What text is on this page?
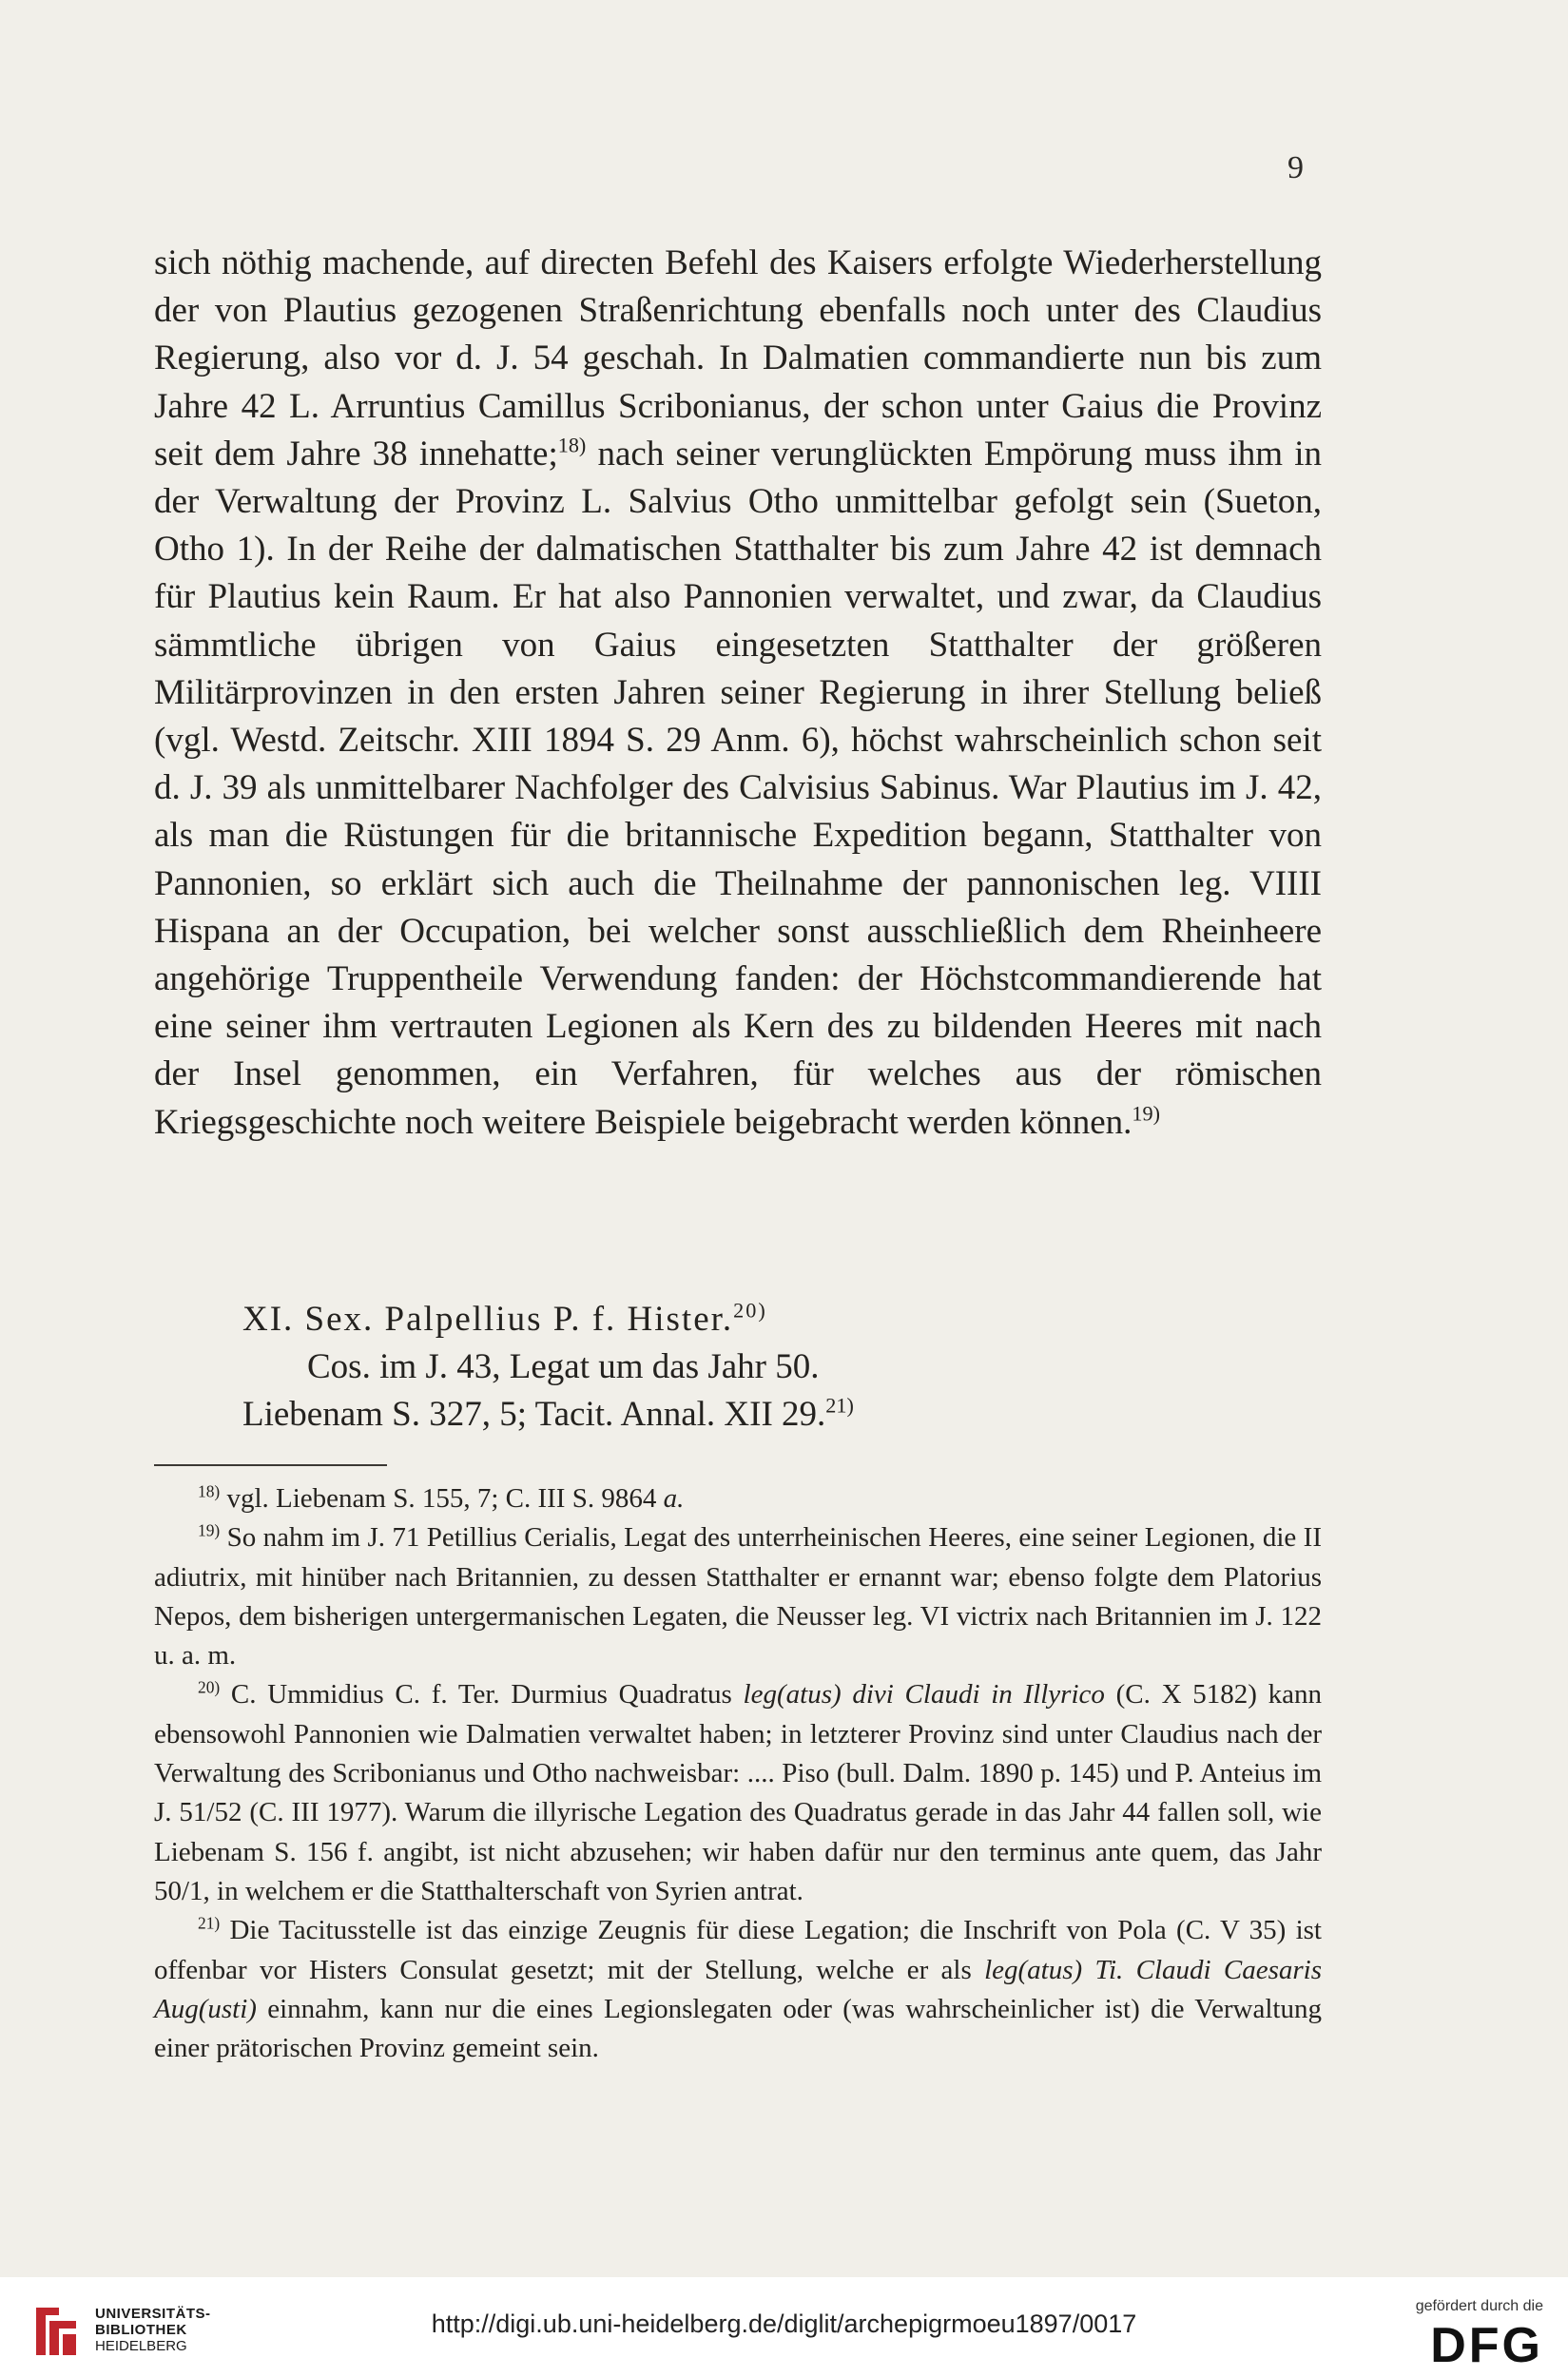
9

sich nöthig machende, auf directen Befehl des Kaisers erfolgte Wiederherstellung der von Plautius gezogenen Straßenrichtung ebenfalls noch unter des Claudius Regierung, also vor d. J. 54 geschah. In Dalmatien commandierte nun bis zum Jahre 42 L. Arruntius Camillus Scribonianus, der schon unter Gaius die Provinz seit dem Jahre 38 innehatte;$^{18)}$ nach seiner verunglückten Empörung muss ihm in der Verwaltung der Provinz L. Salvius Otho unmittelbar gefolgt sein (Sueton, Otho 1). In der Reihe der dalmatischen Statthalter bis zum Jahre 42 ist demnach für Plautius kein Raum. Er hat also Pannonien verwaltet, und zwar, da Claudius sämmtliche übrigen von Gaius eingesetzten Statthalter der größeren Militärprovinzen in den ersten Jahren seiner Regierung in ihrer Stellung beließ (vgl. Westd. Zeitschr. XIII 1894 S. 29 Anm. 6), höchst wahrscheinlich schon seit d. J. 39 als unmittelbarer Nachfolger des Calvisius Sabinus. War Plautius im J. 42, als man die Rüstungen für die britannische Expedition begann, Statthalter von Pannonien, so erklärt sich auch die Theilnahme der pannonischen leg. VIIII Hispana an der Occupation, bei welcher sonst ausschließlich dem Rheinheere angehörige Truppentheile Verwendung fanden: der Höchstcommandierende hat eine seiner ihm vertrauten Legionen als Kern des zu bildenden Heeres mit nach der Insel genommen, ein Verfahren, für welches aus der römischen Kriegsgeschichte noch weitere Beispiele beigebracht werden können.$^{19)}$

XI. Sex. Palpellius P. f. Hister.$^{20)}$
Cos. im J. 43, Legat um das Jahr 50.
Liebenam S. 327, 5; Tacit. Annal. XII 29.$^{21)}$

$^{18)}$ vgl. Liebenam S. 155, 7; C. III S. 9864 a.

$^{19)}$ So nahm im J. 71 Petillius Cerialis, Legat des unterrheinischen Heeres, eine seiner Legionen, die II adiutrix, mit hinüber nach Britannien, zu dessen Statthalter er ernannt war; ebenso folgte dem Platorius Nepos, dem bisherigen untergermanischen Legaten, die Neusser leg. VI victrix nach Britannien im J. 122 u. a. m.

$^{20)}$ C. Ummidius C. f. Ter. Durmius Quadratus leg(atus) divi Claudi in Illyrico (C. X 5182) kann ebensowohl Pannonien wie Dalmatien verwaltet haben; in letzterer Provinz sind unter Claudius nach der Verwaltung des Scribonianus und Otho nachweisbar: .... Piso (bull. Dalm. 1890 p. 145) und P. Anteius im J. 51/52 (C. III 1977). Warum die illyrische Legation des Quadratus gerade in das Jahr 44 fallen soll, wie Liebenam S. 156 f. angibt, ist nicht abzusehen; wir haben dafür nur den terminus ante quem, das Jahr 50/1, in welchem er die Statthalterschaft von Syrien antrat.

$^{21)}$ Die Tacitusstelle ist das einzige Zeugnis für diese Legation; die Inschrift von Pola (C. V 35) ist offenbar vor Histers Consulat gesetzt; mit der Stellung, welche er als leg(atus) Ti. Claudi Caesaris Aug(usti) einnahm, kann nur die eines Legionslegaten oder (was wahrscheinlicher ist) die Verwaltung einer prätorischen Provinz gemeint sein.

UNIVERSITÄTS-
BIBLIOTHEK
HEIDELBERG
http://digi.ub.uni-heidelberg.de/diglit/archepigrmoeu1897/0017
gefördert durch die
DFG
